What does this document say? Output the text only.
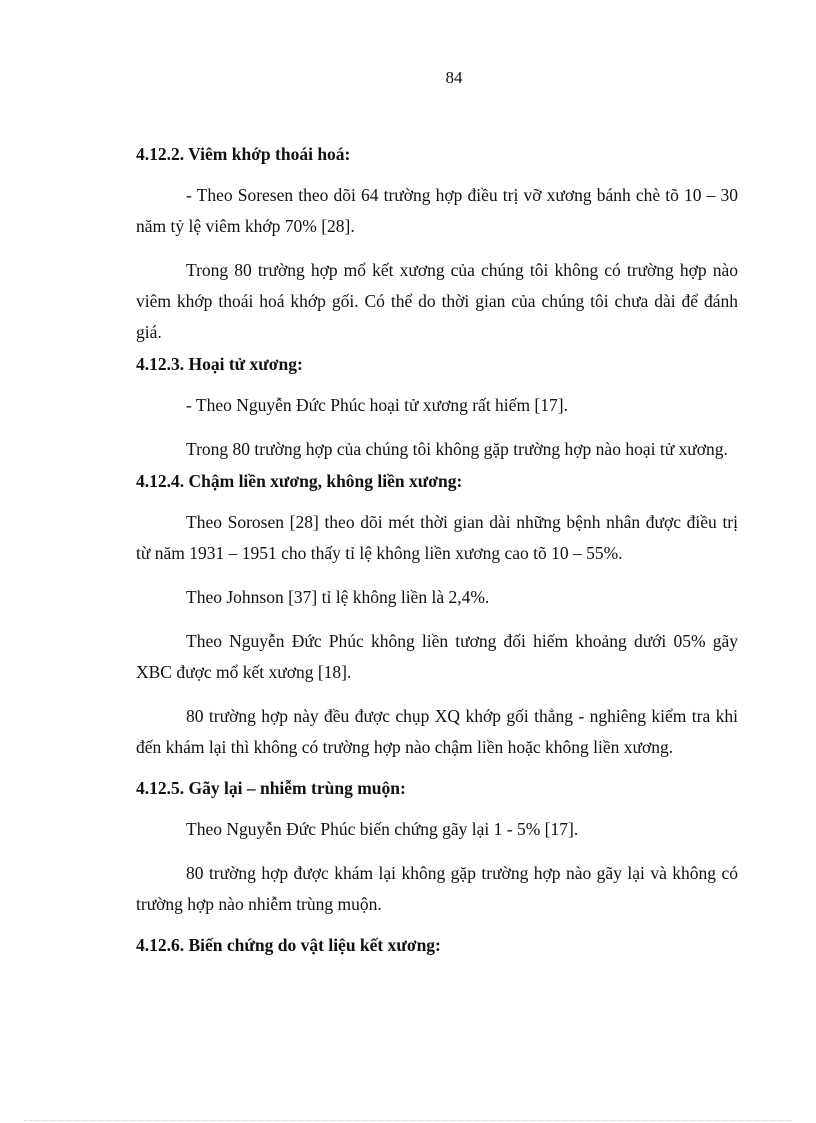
84
4.12.2. Viêm khớp thoái hoá:

- Theo Soresen theo dõi 64 trường hợp điều trị vỡ xương bánh chè tõ 10 – 30 năm tỷ lệ viêm khớp 70% [28].

Trong 80 trường hợp mổ kết xương của chúng tôi không có trường hợp nào viêm khớp thoái hoá khớp gối. Có thể do thời gian của chúng tôi chưa dài để đánh giá.

4.12.3. Hoại tử xương:

- Theo Nguyễn Đức Phúc hoại tử xương rất hiếm [17].

Trong 80 trường hợp của chúng tôi không gặp trường hợp nào hoại tử xương.

4.12.4. Chậm liền xương, không liền xương:

Theo Sorosen [28] theo dõi mét thời gian dài những bệnh nhân được điều trị từ năm 1931 – 1951 cho thấy tỉ lệ không liền xương cao tõ 10 – 55%.

Theo Johnson [37] tỉ lệ không liền là 2,4%.

Theo Nguyễn Đức Phúc không liền tương đối hiếm khoảng dưới 05% gãy XBC được mổ kết xương [18].

80 trường hợp này đều được chụp XQ khớp gối thẳng - nghiêng kiểm tra khi đến khám lại thì không có trường hợp nào chậm liền hoặc không liền xương.

4.12.5. Gãy lại – nhiễm trùng muộn:

Theo Nguyễn Đức Phúc biến chứng gãy lại 1 - 5% [17].

80 trường hợp được khám lại không gặp trường hợp nào gãy lại và không có trường hợp nào nhiễm trùng muộn.

4.12.6. Biến chứng do vật liệu kết xương:
